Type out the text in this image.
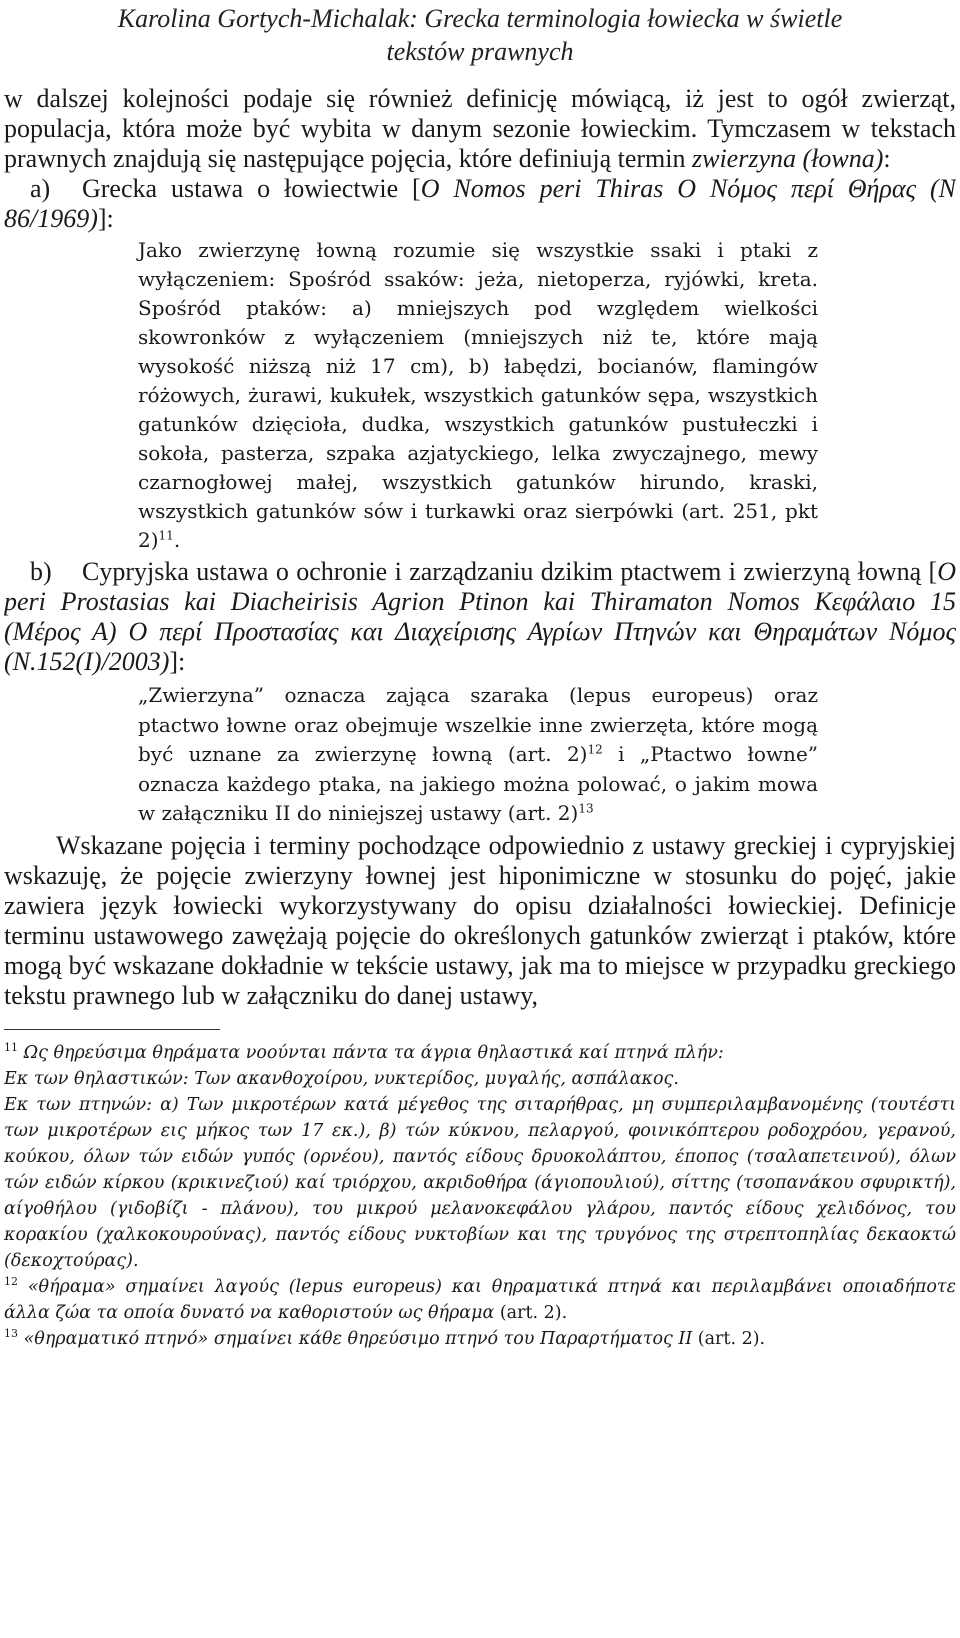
Karolina Gortych-Michalak: Grecka terminologia łowiecka w świetle
tekstów prawnych

w dalszej kolejności podaje się również definicję mówiącą, iż jest to ogół zwierząt, populacja, która może być wybita w danym sezonie łowieckim. Tymczasem w tekstach prawnych znajdują się następujące pojęcia, które definiują termin zwierzyna (łowna):

a) Grecka ustawa o łowiectwie [O Nomos peri Thiras Ο Νόμος περί Θήρας (N 86/1969)]:

Jako zwierzynę łowną rozumie się wszystkie ssaki i ptaki z wyłączeniem: Spośród ssaków: jeża, nietoperza, ryjówki, kreta. Spośród ptaków: a) mniejszych pod względem wielkości skowronków z wyłączeniem (mniejszych niż te, które mają wysokość niższą niż 17 cm), b) łabędzi, bocianów, flamingów różowych, żurawi, kukułek, wszystkich gatunków sępa, wszystkich gatunków dzięcioła, dudka, wszystkich gatunków pustułeczki i sokoła, pasterza, szpaka azjatyckiego, lelka zwyczajnego, mewy czarnogłowej małej, wszystkich gatunków hirundo, kraski, wszystkich gatunków sów i turkawki oraz sierpówki (art. 251, pkt 2)$^{11}$.

b) Cypryjska ustawa o ochronie i zarządzaniu dzikim ptactwem i zwierzyną łowną [O peri Prostasias kai Diacheirisis Agrion Ptinon kai Thiramaton Nomos Κεφάλαιο 15 (Μέρος Α) Ο περί Προστασίας και Διαχείρισης Αγρίων Πτηνών και Θηραμάτων Νόμος (N.152(I)/2003)]:

„Zwierzyna” oznacza zająca szaraka (lepus europeus) oraz ptactwo łowne oraz obejmuje wszelkie inne zwierzęta, które mogą być uznane za zwierzynę łowną (art. 2)$^{12}$ i „Ptactwo łowne” oznacza każdego ptaka, na jakiego można polować, o jakim mowa w załączniku II do niniejszej ustawy (art. 2)$^{13}$

Wskazane pojęcia i terminy pochodzące odpowiednio z ustawy greckiej i cypryjskiej wskazuję, że pojęcie zwierzyny łownej jest hiponimiczne w stosunku do pojęć, jakie zawiera język łowiecki wykorzystywany do opisu działalności łowieckiej. Definicje terminu ustawowego zawężają pojęcie do określonych gatunków zwierząt i ptaków, które mogą być wskazane dokładnie w tekście ustawy, jak ma to miejsce w przypadku greckiego tekstu prawnego lub w załączniku do danej ustawy,

$^{11}$ Ως θηρεύσιμα θηράματα νοούνται πάντα τα άγρια θηλαστικά καί πτηνά πλήν:

Εκ των θηλαστικών: Των ακανθοχοίρου, νυκτερίδος, μυγαλής, ασπάλακος.

Εκ των πτηνών: α) Των μικροτέρων κατά μέγεθος της σιταρήθρας, μη συμπεριλαμβανομένης (τουτέστι των μικροτέρων εις μήκος των 17 εκ.), β) τών κύκνου, πελαργού, φοινικόπτερου ροδοχρόου, γερανού, κούκου, όλων τών ειδών γυπός (ορνέου), παντός είδους δρυοκολάπτου, έποπος (τσαλαπετεινού), όλων τών ειδών κίρκου (κρικινεζιού) καί τριόρχου, ακριδοθήρα (άγιοπουλιού), σίττης (τσοπανάκου σφυρικτή), αίγοθήλου (γιδοβίζι - πλάνου), του μικρού μελανοκεφάλου γλάρου, παντός είδους χελιδόνος, του κορακίου (χαλκοκουρούνας), παντός είδους νυκτοβίων και της τρυγόνος της στρεπτοπηλίας δεκαοκτώ (δεκοχτούρας).

$^{12}$ «θήραμα» σημαίνει λαγούς (lepus europeus) και θηραματικά πτηνά και περιλαμβάνει οποιαδήποτε άλλα ζώα τα οποία δυνατό να καθοριστούν ως θήραμα (art. 2).

$^{13}$ «θηραματικό πτηνό» σημαίνει κάθε θηρεύσιμο πτηνό του Παραρτήματος II (art. 2).
